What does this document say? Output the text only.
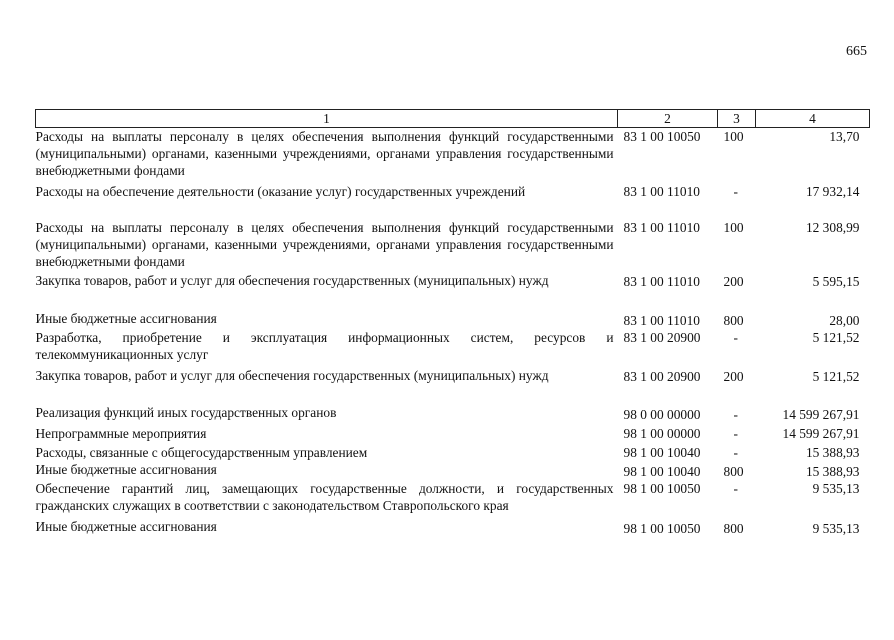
665
1	2	3	4
Расходы на выплаты персоналу в целях обеспечения выполнения функций государственными (муниципальными) органами, казенными учреждениями, органами управления государственными внебюджетными фондами	83 1 00 10050	100	13,70
Расходы на обеспечение деятельности (оказание услуг) государственных учреждений	83 1 00 11010	-	17 932,14
Расходы на выплаты персоналу в целях обеспечения выполнения функций государственными (муниципальными) органами, казенными учреждениями, органами управления государственными внебюджетными фондами	83 1 00 11010	100	12 308,99
Закупка товаров, работ и услуг для обеспечения государственных (муниципальных) нужд	83 1 00 11010	200	5 595,15
Иные бюджетные ассигнования	83 1 00 11010	800	28,00
Разработка, приобретение и эксплуатация информационных систем, ресурсов и телекоммуникационных услуг	83 1 00 20900	-	5 121,52
Закупка товаров, работ и услуг для обеспечения государственных (муниципальных) нужд	83 1 00 20900	200	5 121,52
Реализация функций иных государственных органов	98 0 00 00000	-	14 599 267,91
Непрограммные мероприятия	98 1 00 00000	-	14 599 267,91
Расходы, связанные с общегосударственным управлением	98 1 00 10040	-	15 388,93
Иные бюджетные ассигнования	98 1 00 10040	800	15 388,93
Обеспечение гарантий лиц, замещающих государственные должности, и государственных гражданских служащих в соответствии с законодательством Ставропольского края	98 1 00 10050	-	9 535,13
Иные бюджетные ассигнования	98 1 00 10050	800	9 535,13
